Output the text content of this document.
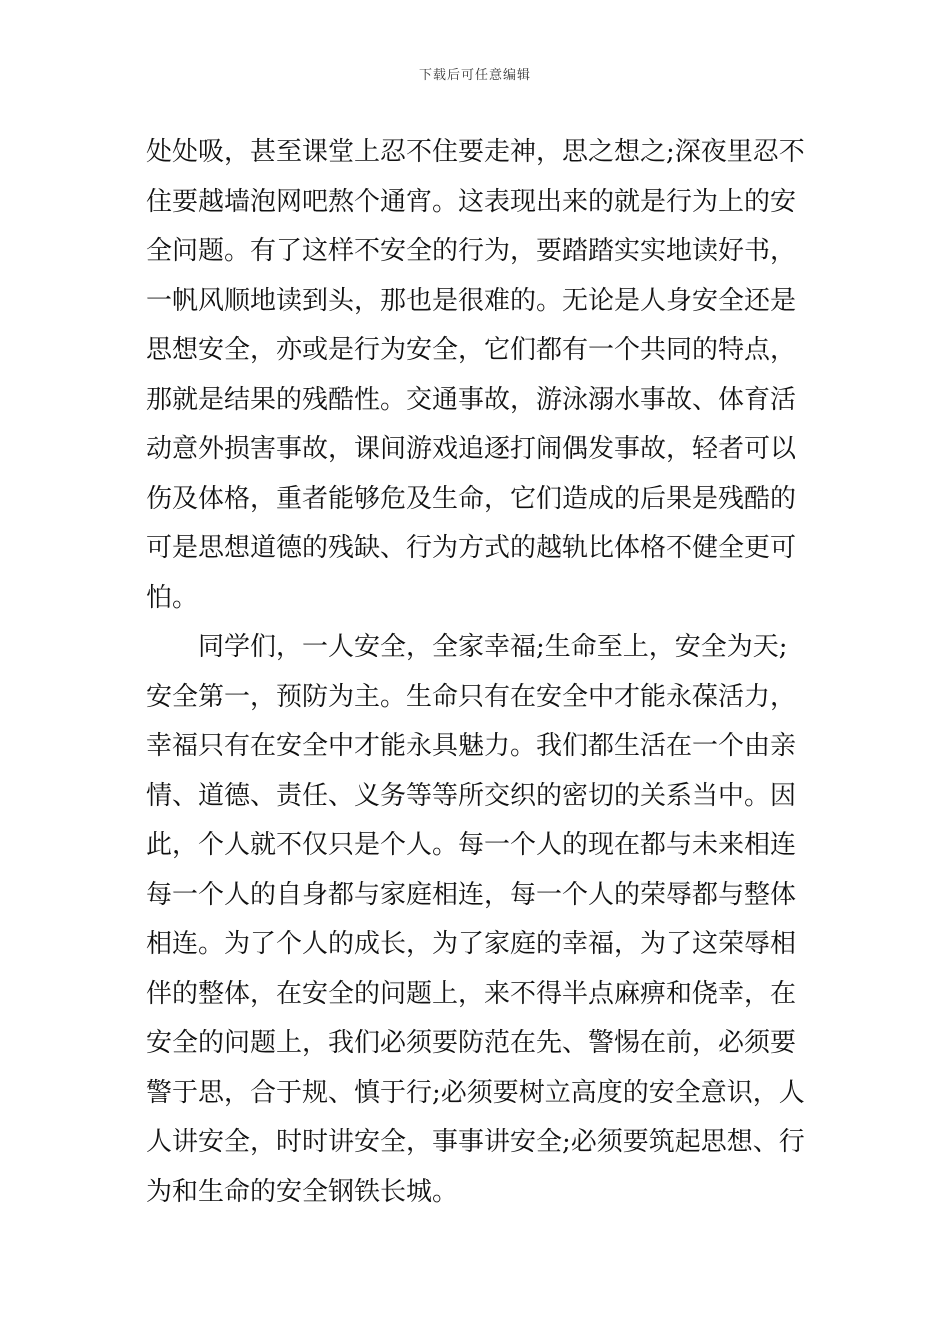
下载后可任意编辑
处处吸，甚至课堂上忍不住要走神，思之想之;深夜里忍不
住要越墙泡网吧熬个通宵。这表现出来的就是行为上的安
全问题。有了这样不安全的行为，要踏踏实实地读好书，
一帆风顺地读到头，那也是很难的。无论是人身安全还是
思想安全，亦或是行为安全，它们都有一个共同的特点，
那就是结果的残酷性。交通事故，游泳溺水事故、体育活
动意外损害事故，课间游戏追逐打闹偶发事故，轻者可以
伤及体格，重者能够危及生命，它们造成的后果是残酷的
可是思想道德的残缺、行为方式的越轨比体格不健全更可
怕。
同学们，一人安全，全家幸福;生命至上，安全为天;
安全第一，预防为主。生命只有在安全中才能永葆活力，
幸福只有在安全中才能永具魅力。我们都生活在一个由亲
情、道德、责任、义务等等所交织的密切的关系当中。因
此，个人就不仅只是个人。每一个人的现在都与未来相连
每一个人的自身都与家庭相连，每一个人的荣辱都与整体
相连。为了个人的成长，为了家庭的幸福，为了这荣辱相
伴的整体，在安全的问题上，来不得半点麻痹和侥幸，在
安全的问题上，我们必须要防范在先、警惕在前，必须要
警于思，合于规、慎于行;必须要树立高度的安全意识，人
人讲安全，时时讲安全，事事讲安全;必须要筑起思想、行
为和生命的安全钢铁长城。
